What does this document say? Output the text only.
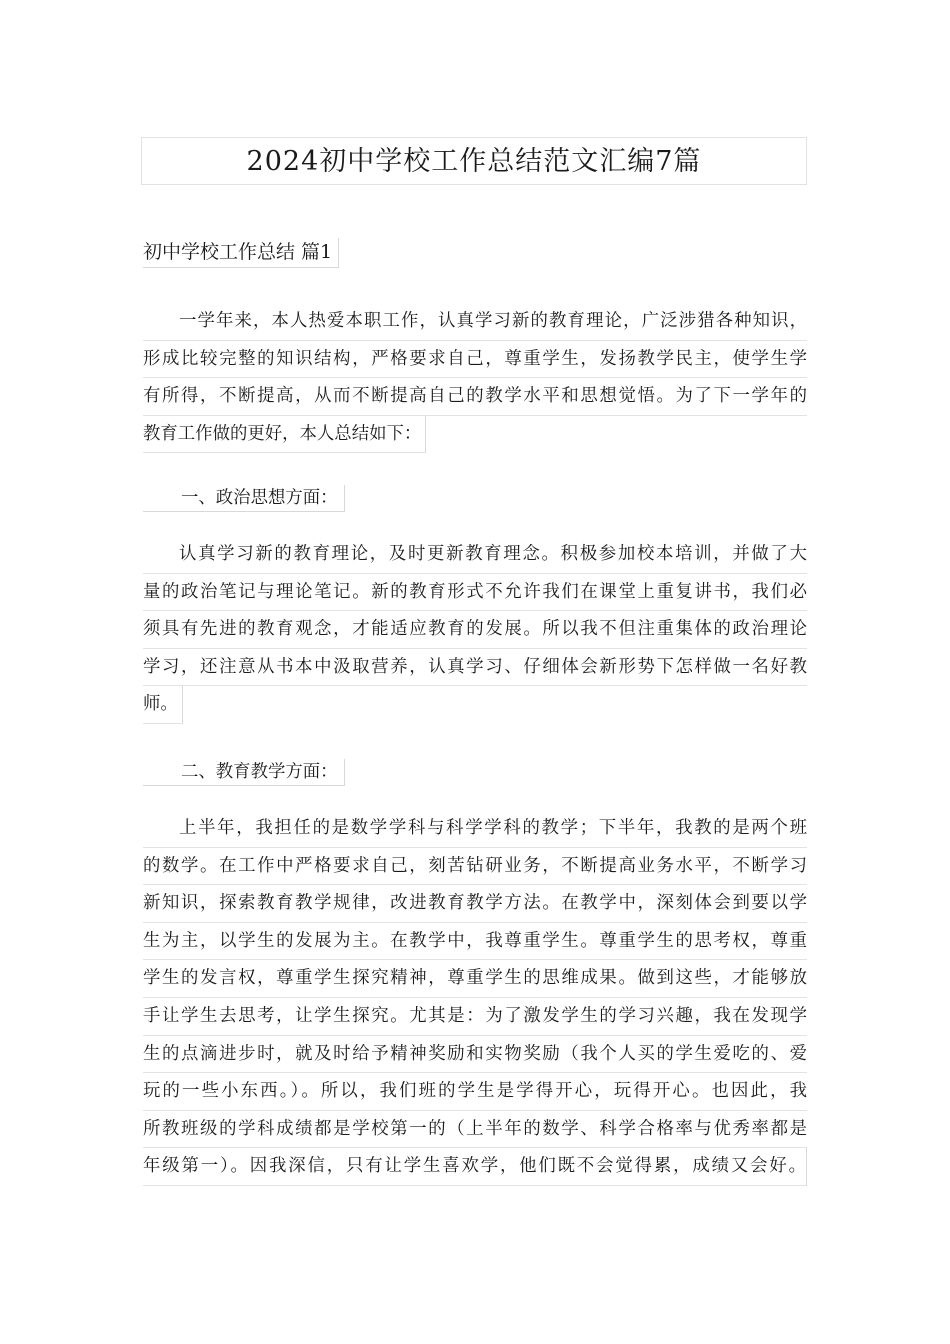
2024初中学校工作总结范文汇编7篇
初中学校工作总结 篇1

一学年来，本人热爱本职工作，认真学习新的教育理论，广泛涉猎各种知识，
形成比较完整的知识结构，严格要求自己，尊重学生，发扬教学民主，使学生学
有所得，不断提高，从而不断提高自己的教学水平和思想觉悟。为了下一学年的
教育工作做的更好，本人总结如下：

一、政治思想方面：

认真学习新的教育理论，及时更新教育理念。积极参加校本培训，并做了大
量的政治笔记与理论笔记。新的教育形式不允许我们在课堂上重复讲书，我们必
须具有先进的教育观念，才能适应教育的发展。所以我不但注重集体的政治理论
学习，还注意从书本中汲取营养，认真学习、仔细体会新形势下怎样做一名好教
师。

二、教育教学方面：

上半年，我担任的是数学学科与科学学科的教学；下半年，我教的是两个班
的数学。在工作中严格要求自己，刻苦钻研业务，不断提高业务水平，不断学习
新知识，探索教育教学规律，改进教育教学方法。在教学中，深刻体会到要以学
生为主，以学生的发展为主。在教学中，我尊重学生。尊重学生的思考权，尊重
学生的发言权，尊重学生探究精神，尊重学生的思维成果。做到这些，才能够放
手让学生去思考，让学生探究。尤其是：为了激发学生的学习兴趣，我在发现学
生的点滴进步时，就及时给予精神奖励和实物奖励（我个人买的学生爱吃的、爱
玩的一些小东西。）。所以，我们班的学生是学得开心，玩得开心。也因此，我
所教班级的学科成绩都是学校第一的（上半年的数学、科学合格率与优秀率都是
年级第一）。因我深信，只有让学生喜欢学，他们既不会觉得累，成绩又会好。
